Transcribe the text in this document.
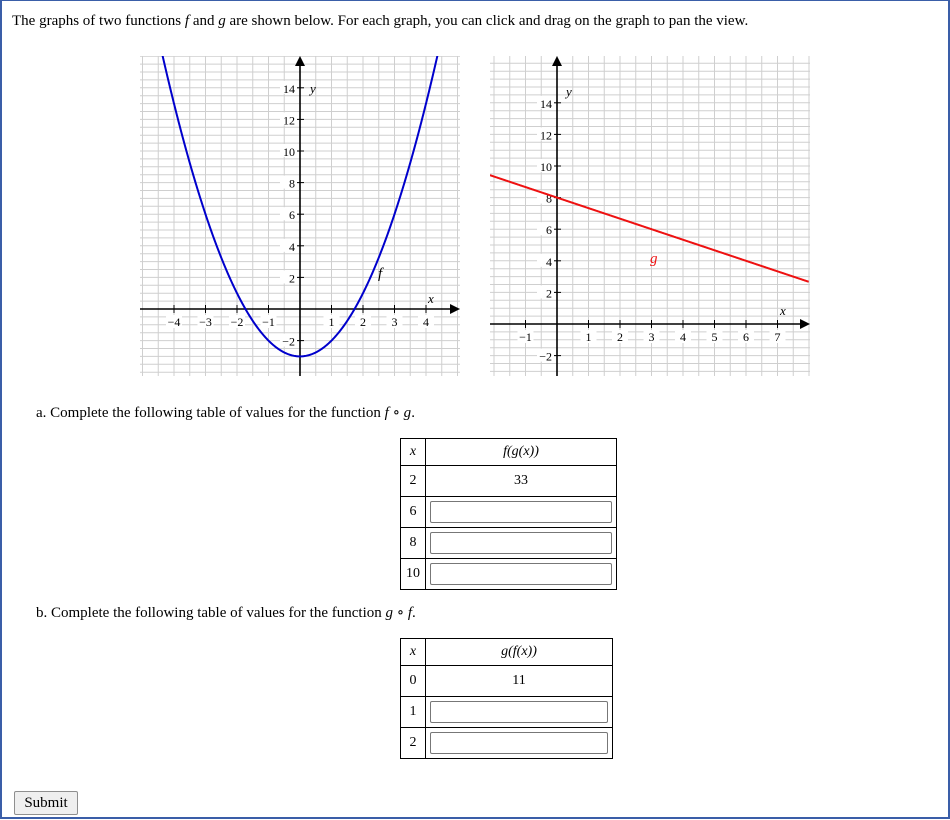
The graphs of two functions f and g are shown below. For each graph, you can click and drag on the graph to pan the view.
−4 −3 −2 −1	1 2 3 4
−2
2
4
6
8
10
12
14
x
y
f
−1	1 2 3 4 5 6 7
−2
2
4
6
8
10
12
14
x
y
g
a. Complete the following table of values for the function f ∘ g.
x	f(g(x))
2	33
6	

8	

10	
b. Complete the following table of values for the function g ∘ f.
x	g(f(x))
0	11
1	

2	
Submit
